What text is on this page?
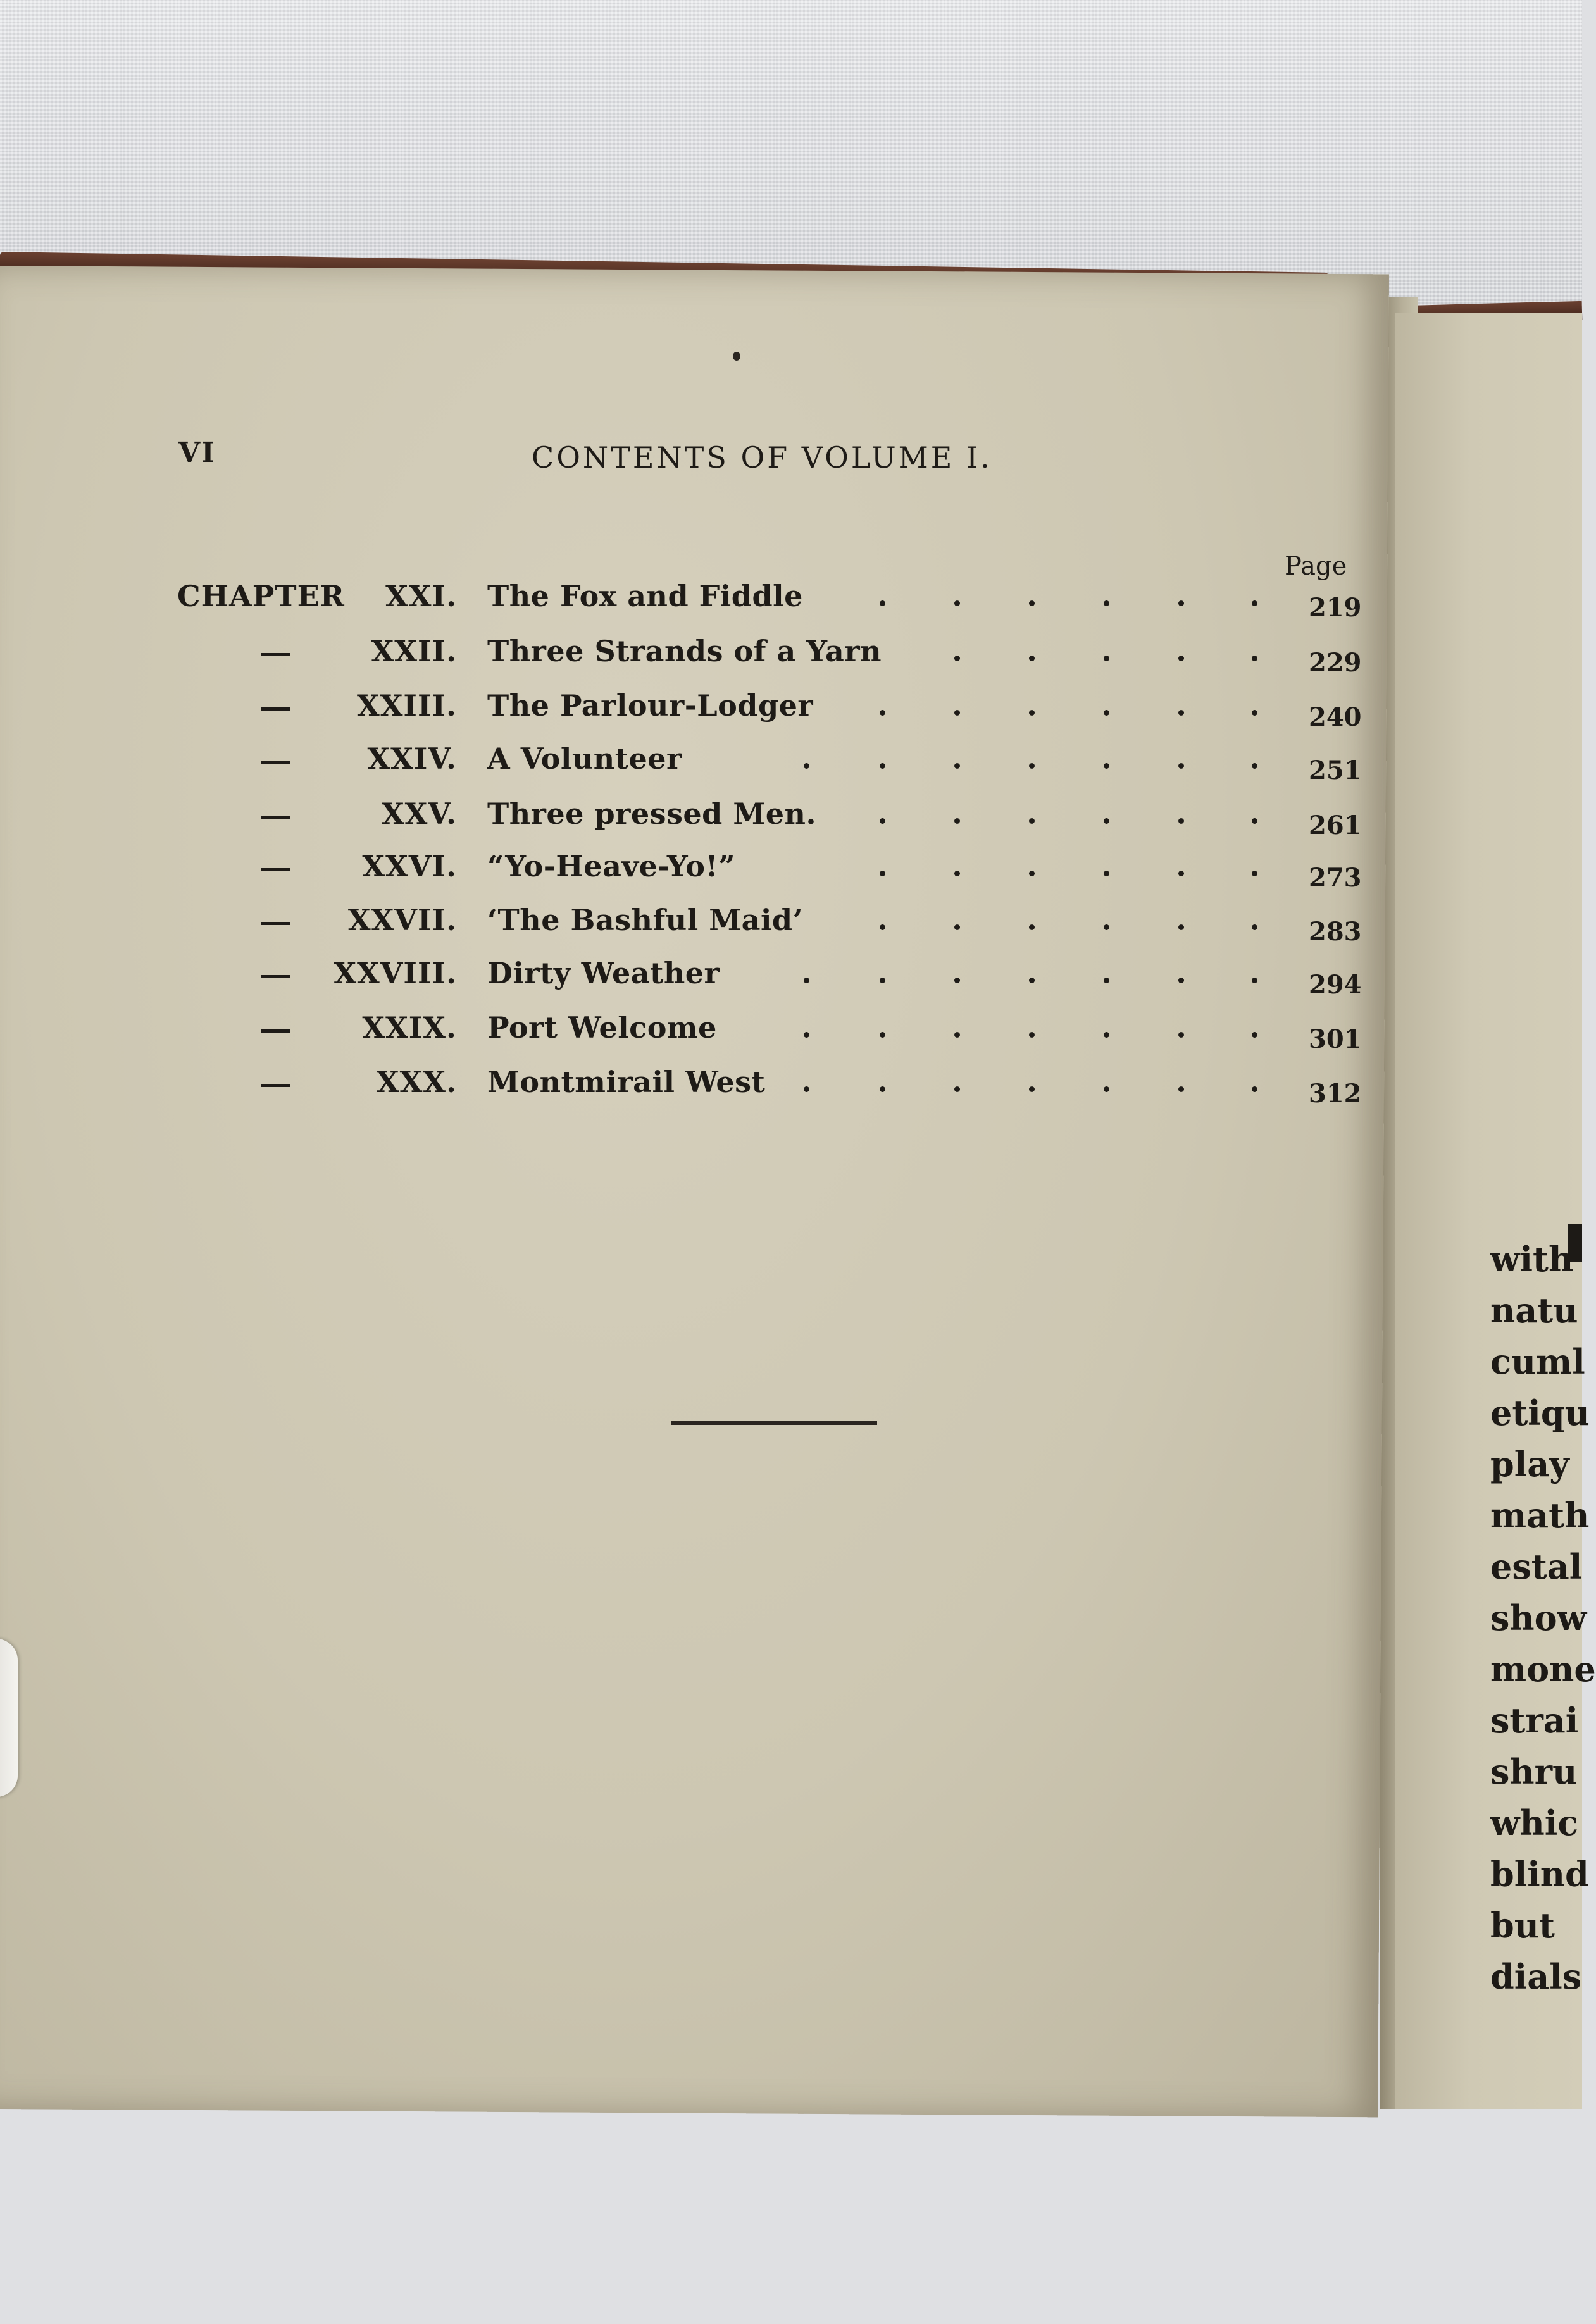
with
natu
cuml
etiqu
play
math
estal
show
mone
strai
shru
whic
blind
but
dials
VI	CONTENTS OF VOLUME I.
Page
CHAPTER XXI. The Fox and Fiddle	219
XXII. Three Strands of a Yarn	229
XXIII. The Parlour-Lodger	240
XXIV. A Volunteer	251
XXV. Three pressed Men.	261
XXVI. “Yo-Heave-Yo!”	273
XXVII. ‘The Bashful Maid’	283
XXVIII. Dirty Weather	294
XXIX. Port Welcome	301
XXX. Montmirail West	312
